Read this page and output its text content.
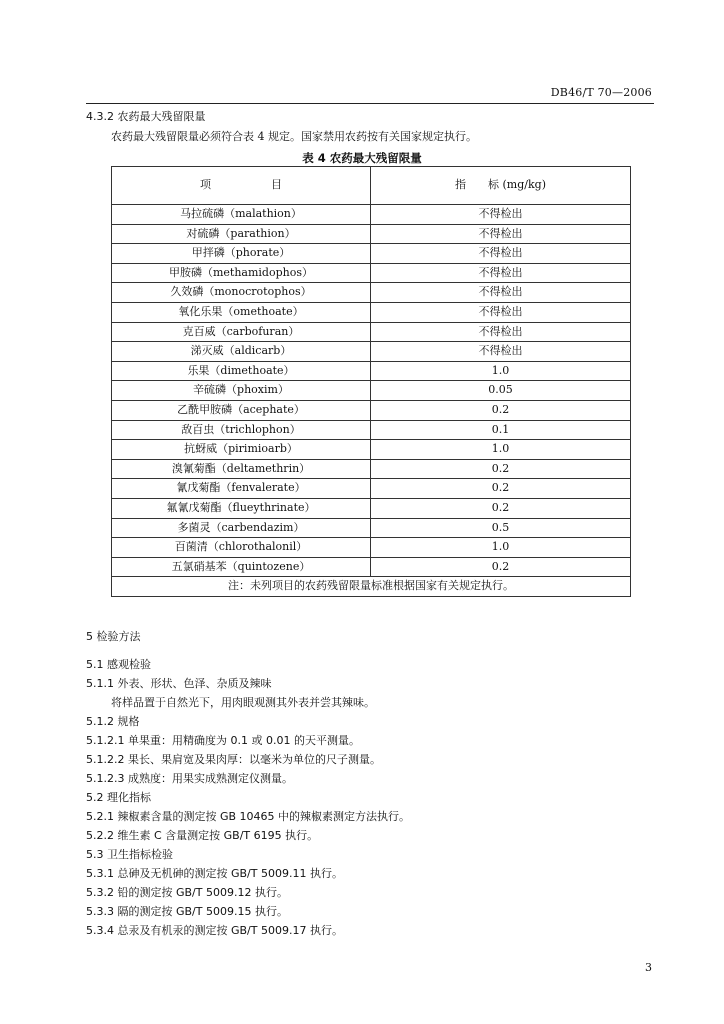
DB46/T 70—2006
4.3.2 农药最大残留限量
农药最大残留限量必须符合表 4 规定。国家禁用农药按有关国家规定执行。
表 4 农药最大残留限量
项 目	指 标 (mg/kg)
马拉硫磷（malathion）	不得检出
对硫磷（parathion）	不得检出
甲拌磷（phorate）	不得检出
甲胺磷（methamidophos）	不得检出
久效磷（monocrotophos）	不得检出
氧化乐果（omethoate）	不得检出
克百威（carbofuran）	不得检出
涕灭威（aldicarb）	不得检出
乐果（dimethoate）	1.0
辛硫磷（phoxim）	0.05
乙酰甲胺磷（acephate）	0.2
敌百虫（trichlophon）	0.1
抗蚜威（pirimioarb）	1.0
溴氰菊酯（deltamethrin）	0.2
氰戊菊酯（fenvalerate）	0.2
氟氰戊菊酯（flueythrinate）	0.2
多菌灵（carbendazim）	0.5
百菌清（chlorothalonil）	1.0
五氯硝基苯（quintozene）	0.2
注：未列项目的农药残留限量标准根据国家有关规定执行。	
5 检验方法
5.1 感观检验
5.1.1 外表、形状、色泽、杂质及辣味
将样品置于自然光下，用肉眼观测其外表并尝其辣味。
5.1.2 规格
5.1.2.1 单果重：用精确度为 0.1 或 0.01 的天平测量。
5.1.2.2 果长、果肩宽及果肉厚：以毫米为单位的尺子测量。
5.1.2.3 成熟度：用果实成熟测定仪测量。
5.2 理化指标
5.2.1 辣椒素含量的测定按 GB 10465 中的辣椒素测定方法执行。
5.2.2 维生素 C 含量测定按 GB/T 6195 执行。
5.3 卫生指标检验
5.3.1 总砷及无机砷的测定按 GB/T 5009.11 执行。
5.3.2 铅的测定按 GB/T 5009.12 执行。
5.3.3 隔的测定按 GB/T 5009.15 执行。
5.3.4 总汞及有机汞的测定按 GB/T 5009.17 执行。
3
